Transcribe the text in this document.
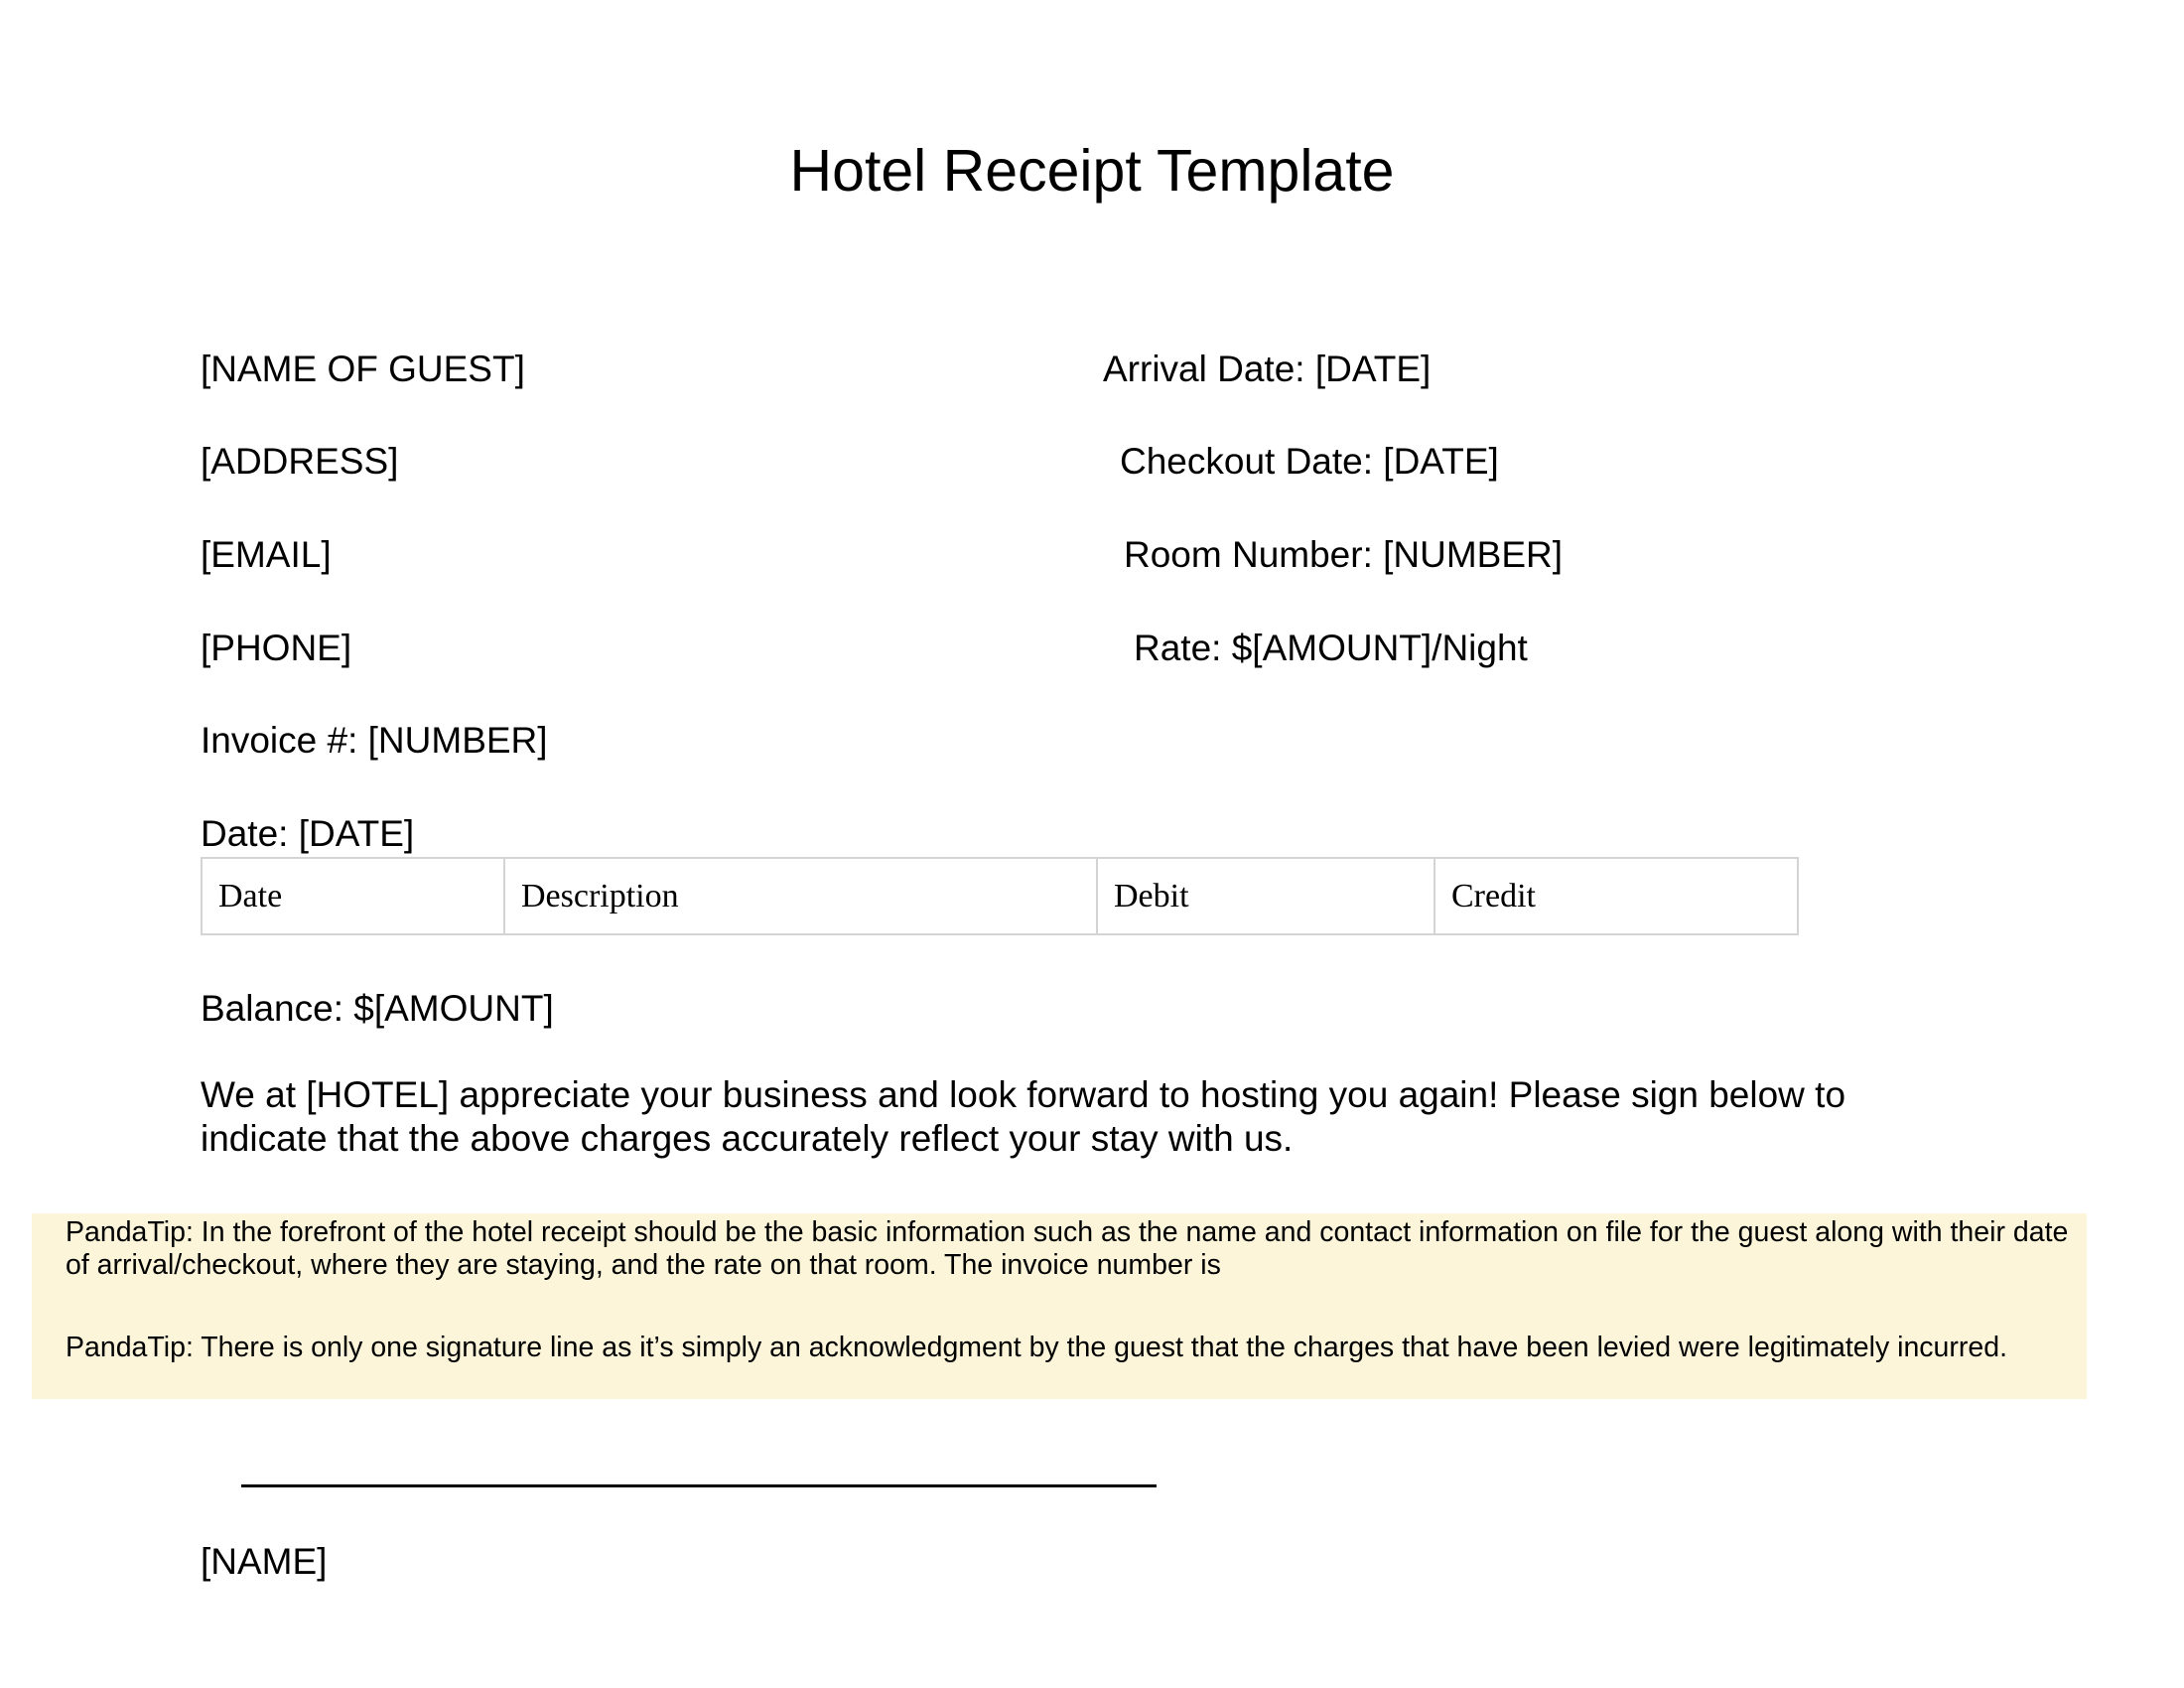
Hotel Receipt Template
[NAME OF GUEST]
[ADDRESS]
[EMAIL]
[PHONE]
Invoice #: [NUMBER]
Date: [DATE]
Arrival Date: [DATE]
Checkout Date: [DATE]
Room Number: [NUMBER]
Rate: $[AMOUNT]/Night
Date	Description	Debit	Credit
Balance: $[AMOUNT]
We at [HOTEL] appreciate your business and look forward to hosting you again! Please sign below to indicate that the above charges accurately reflect your stay with us.
PandaTip: In the forefront of the hotel receipt should be the basic information such as the name and contact information on file for the guest along with their date of arrival/checkout, where they are staying, and the rate on that room. The invoice number is
PandaTip: There is only one signature line as it’s simply an acknowledgment by the guest that the charges that have been levied were legitimately incurred.
[NAME]
